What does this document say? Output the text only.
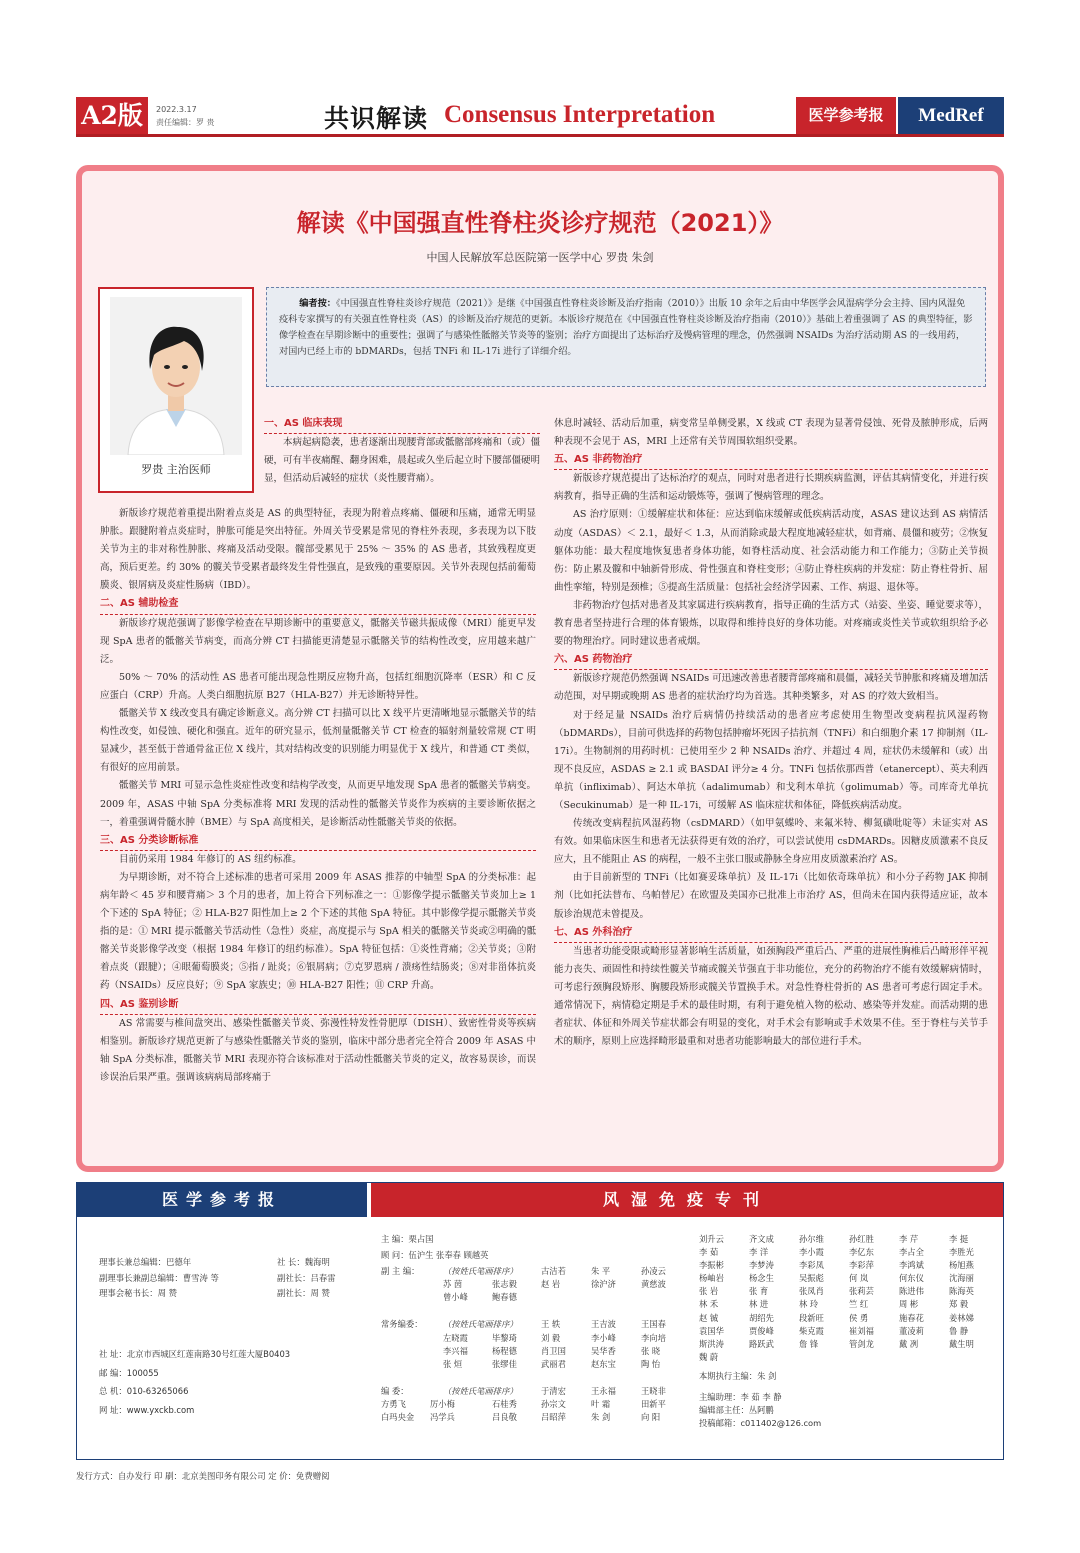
A2版	2022.3.17
责任编辑：罗 贵	共识解读 Consensus Interpretation	医学参考报	MedRef
解读《中国强直性脊柱炎诊疗规范（2021）》
中国人民解放军总医院第一医学中心 罗贵 朱剑
罗贵 主治医师
编者按：《中国强直性脊柱炎诊疗规范（2021）》是继《中国强直性脊柱炎诊断及治疗指南（2010）》出版 10 余年之后由中华医学会风湿病学分会主持、国内风湿免疫科专家撰写的有关强直性脊柱炎（AS）的诊断及治疗规范的更新。本版诊疗规范在《中国强直性脊柱炎诊断及治疗指南（2010）》基础上着重强调了 AS 的典型特征，影像学检查在早期诊断中的重要性；强调了与感染性骶髂关节炎等的鉴别；治疗方面提出了达标治疗及慢病管理的理念，仍然强调 NSAIDs 为治疗活动期 AS 的一线用药，对国内已经上市的 bDMARDs，包括 TNFi 和 IL-17i 进行了详细介绍。
一、AS 临床表现

本病起病隐袭，患者逐渐出现腰背部或骶髂部疼痛和（或）僵硬，可有半夜痛醒、翻身困难，晨起或久坐后起立时下腰部僵硬明显，但活动后减轻的症状（炎性腰背痛）。

新版诊疗规范着重提出附着点炎是 AS 的典型特征，表现为附着点疼痛、僵硬和压痛，通常无明显肿胀。跟腱附着点炎症时，肿胀可能是突出特征。外周关节受累是常见的脊柱外表现，多表现为以下肢关节为主的非对称性肿胀、疼痛及活动受限。髋部受累见于 25% ～ 35% 的 AS 患者，其致残程度更高，预后更差。约 30% 的髋关节受累者最终发生骨性强直，是致残的重要原因。关节外表现包括前葡萄膜炎、银屑病及炎症性肠病（IBD）。

二、AS 辅助检查

新版诊疗规范强调了影像学检查在早期诊断中的重要意义，骶髂关节磁共振成像（MRI）能更早发现 SpA 患者的骶髂关节病变，而高分辨 CT 扫描能更清楚显示骶髂关节的结构性改变，应用越来越广泛。

50% ～ 70% 的活动性 AS 患者可能出现急性期反应物升高，包括红细胞沉降率（ESR）和 C 反应蛋白（CRP）升高。人类白细胞抗原 B27（HLA-B27）并无诊断特异性。

骶髂关节 X 线改变具有确定诊断意义。高分辨 CT 扫描可以比 X 线平片更清晰地显示骶髂关节的结构性改变，如侵蚀、硬化和强直。近年的研究显示，低剂量骶髂关节 CT 检查的辐射剂量较常规 CT 明显减少，甚至低于普通骨盆正位 X 线片，其对结构改变的识别能力明显优于 X 线片，和普通 CT 类似，有很好的应用前景。

骶髂关节 MRI 可显示急性炎症性改变和结构学改变，从而更早地发现 SpA 患者的骶髂关节病变。2009 年，ASAS 中轴 SpA 分类标准将 MRI 发现的活动性的骶髂关节炎作为疾病的主要诊断依据之一，着重强调骨髓水肿（BME）与 SpA 高度相关，是诊断活动性骶髂关节炎的依据。

三、AS 分类诊断标准

目前仍采用 1984 年修订的 AS 纽约标准。

为早期诊断，对不符合上述标准的患者可采用 2009 年 ASAS 推荐的中轴型 SpA 的分类标准：起病年龄＜ 45 岁和腰背痛＞ 3 个月的患者，加上符合下列标准之一：①影像学提示骶髂关节炎加上≥ 1 个下述的 SpA 特征；② HLA-B27 阳性加上≥ 2 个下述的其他 SpA 特征。其中影像学提示骶髂关节炎指的是：① MRI 提示骶髂关节活动性（急性）炎症，高度提示与 SpA 相关的骶髂关节炎或②明确的骶髂关节炎影像学改变（根据 1984 年修订的纽约标准）。SpA 特征包括：①炎性背痛；②关节炎；③附着点炎（跟腱）；④眼葡萄膜炎；⑤指 / 趾炎；⑥银屑病；⑦克罗恩病 / 溃疡性结肠炎；⑧对非甾体抗炎药（NSAIDs）反应良好；⑨ SpA 家族史；⑩ HLA-B27 阳性；⑪ CRP 升高。

四、AS 鉴别诊断

AS 常需要与椎间盘突出、感染性骶髂关节炎、弥漫性特发性骨肥厚（DISH）、致密性骨炎等疾病相鉴别。新版诊疗规范更新了与感染性骶髂关节炎的鉴别，临床中部分患者完全符合 2009 年 ASAS 中轴 SpA 分类标准，骶髂关节 MRI 表现亦符合该标准对于活动性骶髂关节炎的定义，故容易误诊，而误诊误治后果严重。强调该病病局部疼痛于

休息时减轻、活动后加重，病变常呈单侧受累，X 线或 CT 表现为显著骨侵蚀、死骨及脓肿形成，后两种表现不会见于 AS，MRI 上还常有关节周围软组织受累。

五、AS 非药物治疗

新版诊疗规范提出了达标治疗的观点，同时对患者进行长期疾病监测，评估其病情变化，并进行疾病教育，指导正确的生活和运动锻炼等，强调了慢病管理的理念。

AS 治疗原则：①缓解症状和体征：应达到临床缓解或低疾病活动度，ASAS 建议达到 AS 病情活动度（ASDAS）＜ 2.1，最好＜ 1.3，从而消除或最大程度地减轻症状，如背痛、晨僵和疲劳；②恢复躯体功能：最大程度地恢复患者身体功能，如脊柱活动度、社会活动能力和工作能力；③防止关节损伤：防止累及髋和中轴新骨形成、骨性强直和脊柱变形；④防止脊柱疾病的并发症：防止脊柱骨折、屈曲性挛缩，特别是颈椎；⑤提高生活质量：包括社会经济学因素、工作、病退、退休等。

非药物治疗包括对患者及其家属进行疾病教育，指导正确的生活方式（站姿、坐姿、睡觉要求等），教育患者坚持进行合理的体育锻炼，以取得和维持良好的身体功能。对疼痛或炎性关节或软组织给予必要的物理治疗。同时建议患者戒烟。

六、AS 药物治疗

新版诊疗规范仍然强调 NSAIDs 可迅速改善患者腰背部疼痛和晨僵，减轻关节肿胀和疼痛及增加活动范围，对早期或晚期 AS 患者的症状治疗均为首选。其种类繁多，对 AS 的疗效大致相当。

对于经足量 NSAIDs 治疗后病情仍持续活动的患者应考虑使用生物型改变病程抗风湿药物（bDMARDs），目前可供选择的药物包括肿瘤坏死因子拮抗剂（TNFi）和白细胞介素 17 抑制剂（IL-17i）。生物制剂的用药时机：已使用至少 2 种 NSAIDs 治疗、并超过 4 周，症状仍未缓解和（或）出现不良反应，ASDAS ≥ 2.1 或 BASDAI 评分≥ 4 分。TNFi 包括依那西普（etanercept）、英夫利西单抗（infliximab）、阿达木单抗（adalimumab）和戈利木单抗（golimumab）等。司库奇尤单抗（Secukinumab）是一种 IL-17i，可缓解 AS 临床症状和体征，降低疾病活动度。

传统改变病程抗风湿药物（csDMARD）（如甲氨蝶呤、来氟米特、柳氮磺吡啶等）未证实对 AS 有效。如果临床医生和患者无法获得更有效的治疗，可以尝试使用 csDMARDs。因糖皮质激素不良反应大，且不能阻止 AS 的病程，一般不主张口服或静脉全身应用皮质激素治疗 AS。

由于目前新型的 TNFi（比如赛妥珠单抗）及 IL-17i（比如依奇珠单抗）和小分子药物 JAK 抑制剂（比如托法替布、乌帕替尼）在欧盟及美国亦已批准上市治疗 AS，但尚未在国内获得适应证，故本版诊治规范未曾提及。

七、AS 外科治疗

当患者功能受限或畸形显著影响生活质量，如颈胸段严重后凸、严重的进展性胸椎后凸畸形伴平视能力丧失、顽固性和持续性髋关节痛或髋关节强直于非功能位，充分的药物治疗不能有效缓解病情时，可考虑行颈胸段矫形、胸腰段矫形或髋关节置换手术。对急性脊柱骨折的 AS 患者可考虑行固定手术。通常情况下，病情稳定期是手术的最佳时期，有利于避免植入物的松动、感染等并发症。而活动期的患者症状、体征和外周关节症状都会有明显的变化，对手术会有影响或手术效果不佳。至于脊柱与关节手术的顺序，原则上应选择畸形最重和对患者功能影响最大的部位进行手术。

医学参考报	风湿免疫专刊
理事长兼总编辑：巴德年
副理事长兼副总编辑：曹雪涛 等
理事会秘书长：周 赞
社 长：魏海明
副社长：吕春雷
副社长：周 赞
社 址：北京市西城区红莲南路30号红莲大厦B0403
邮 编：100055
总 机：010-63265066
网 址：www.yxckb.com
主 编：栗占国
顾 问：伍沪生 张奉春 顾越英
副 主 编：	（按姓氏笔画排序）	古洁若	朱 平	孙凌云
苏 茵	张志毅	赵 岩	徐沪济	黄慈波
曾小峰	鲍春德
常务编委：	（按姓氏笔画排序）	王 轶	王吉波	王国春
左晓霞	毕黎琦	刘 毅	李小峰	李向培
李兴福	杨程德	肖卫国	吴华香	张 晓
张 烜	张缪佳	武丽君	赵东宝	陶 怡
编 委：	（按姓氏笔画排序）	于清宏	王永福	王晓非
方勇飞	厉小梅	石桂秀	孙宗文	叶 霜	田新平
白玛央金	冯学兵	吕良敬	吕昭萍	朱 剑	向 阳
刘升云	齐文成	孙尔维	孙红胜	李 芹	李 挺
李 茹	李 洋	李小霞	李亿东	李占全	李胜光
李振彬	李梦涛	李彩凤	李彩萍	李鸿斌	杨旭燕
杨岫岩	杨念生	吴振彪	何 岚	何东仪	沈海丽
张 岩	张 育	张凤肖	张莉芸	陈进伟	陈海英
林 禾	林 进	林 玲	竺 红	周 彬	郑 毅
赵 铖	胡绍先	段新旺	侯 勇	施春花	姜林娣
袁国华	贾俊峰	柴克霞	崔刘福	董凌莉	鲁 静
斯洪涛	路跃武	詹 锋	管剑龙	戴 冽	戴生明
魏 蔚
本期执行主编：朱 剑
主编助理：李 茹 李 静
编辑部主任：丛阿鹏
投稿邮箱：c011402@126.com
发行方式：自办发行 印 刷：北京美图印务有限公司 定 价：免费赠阅
